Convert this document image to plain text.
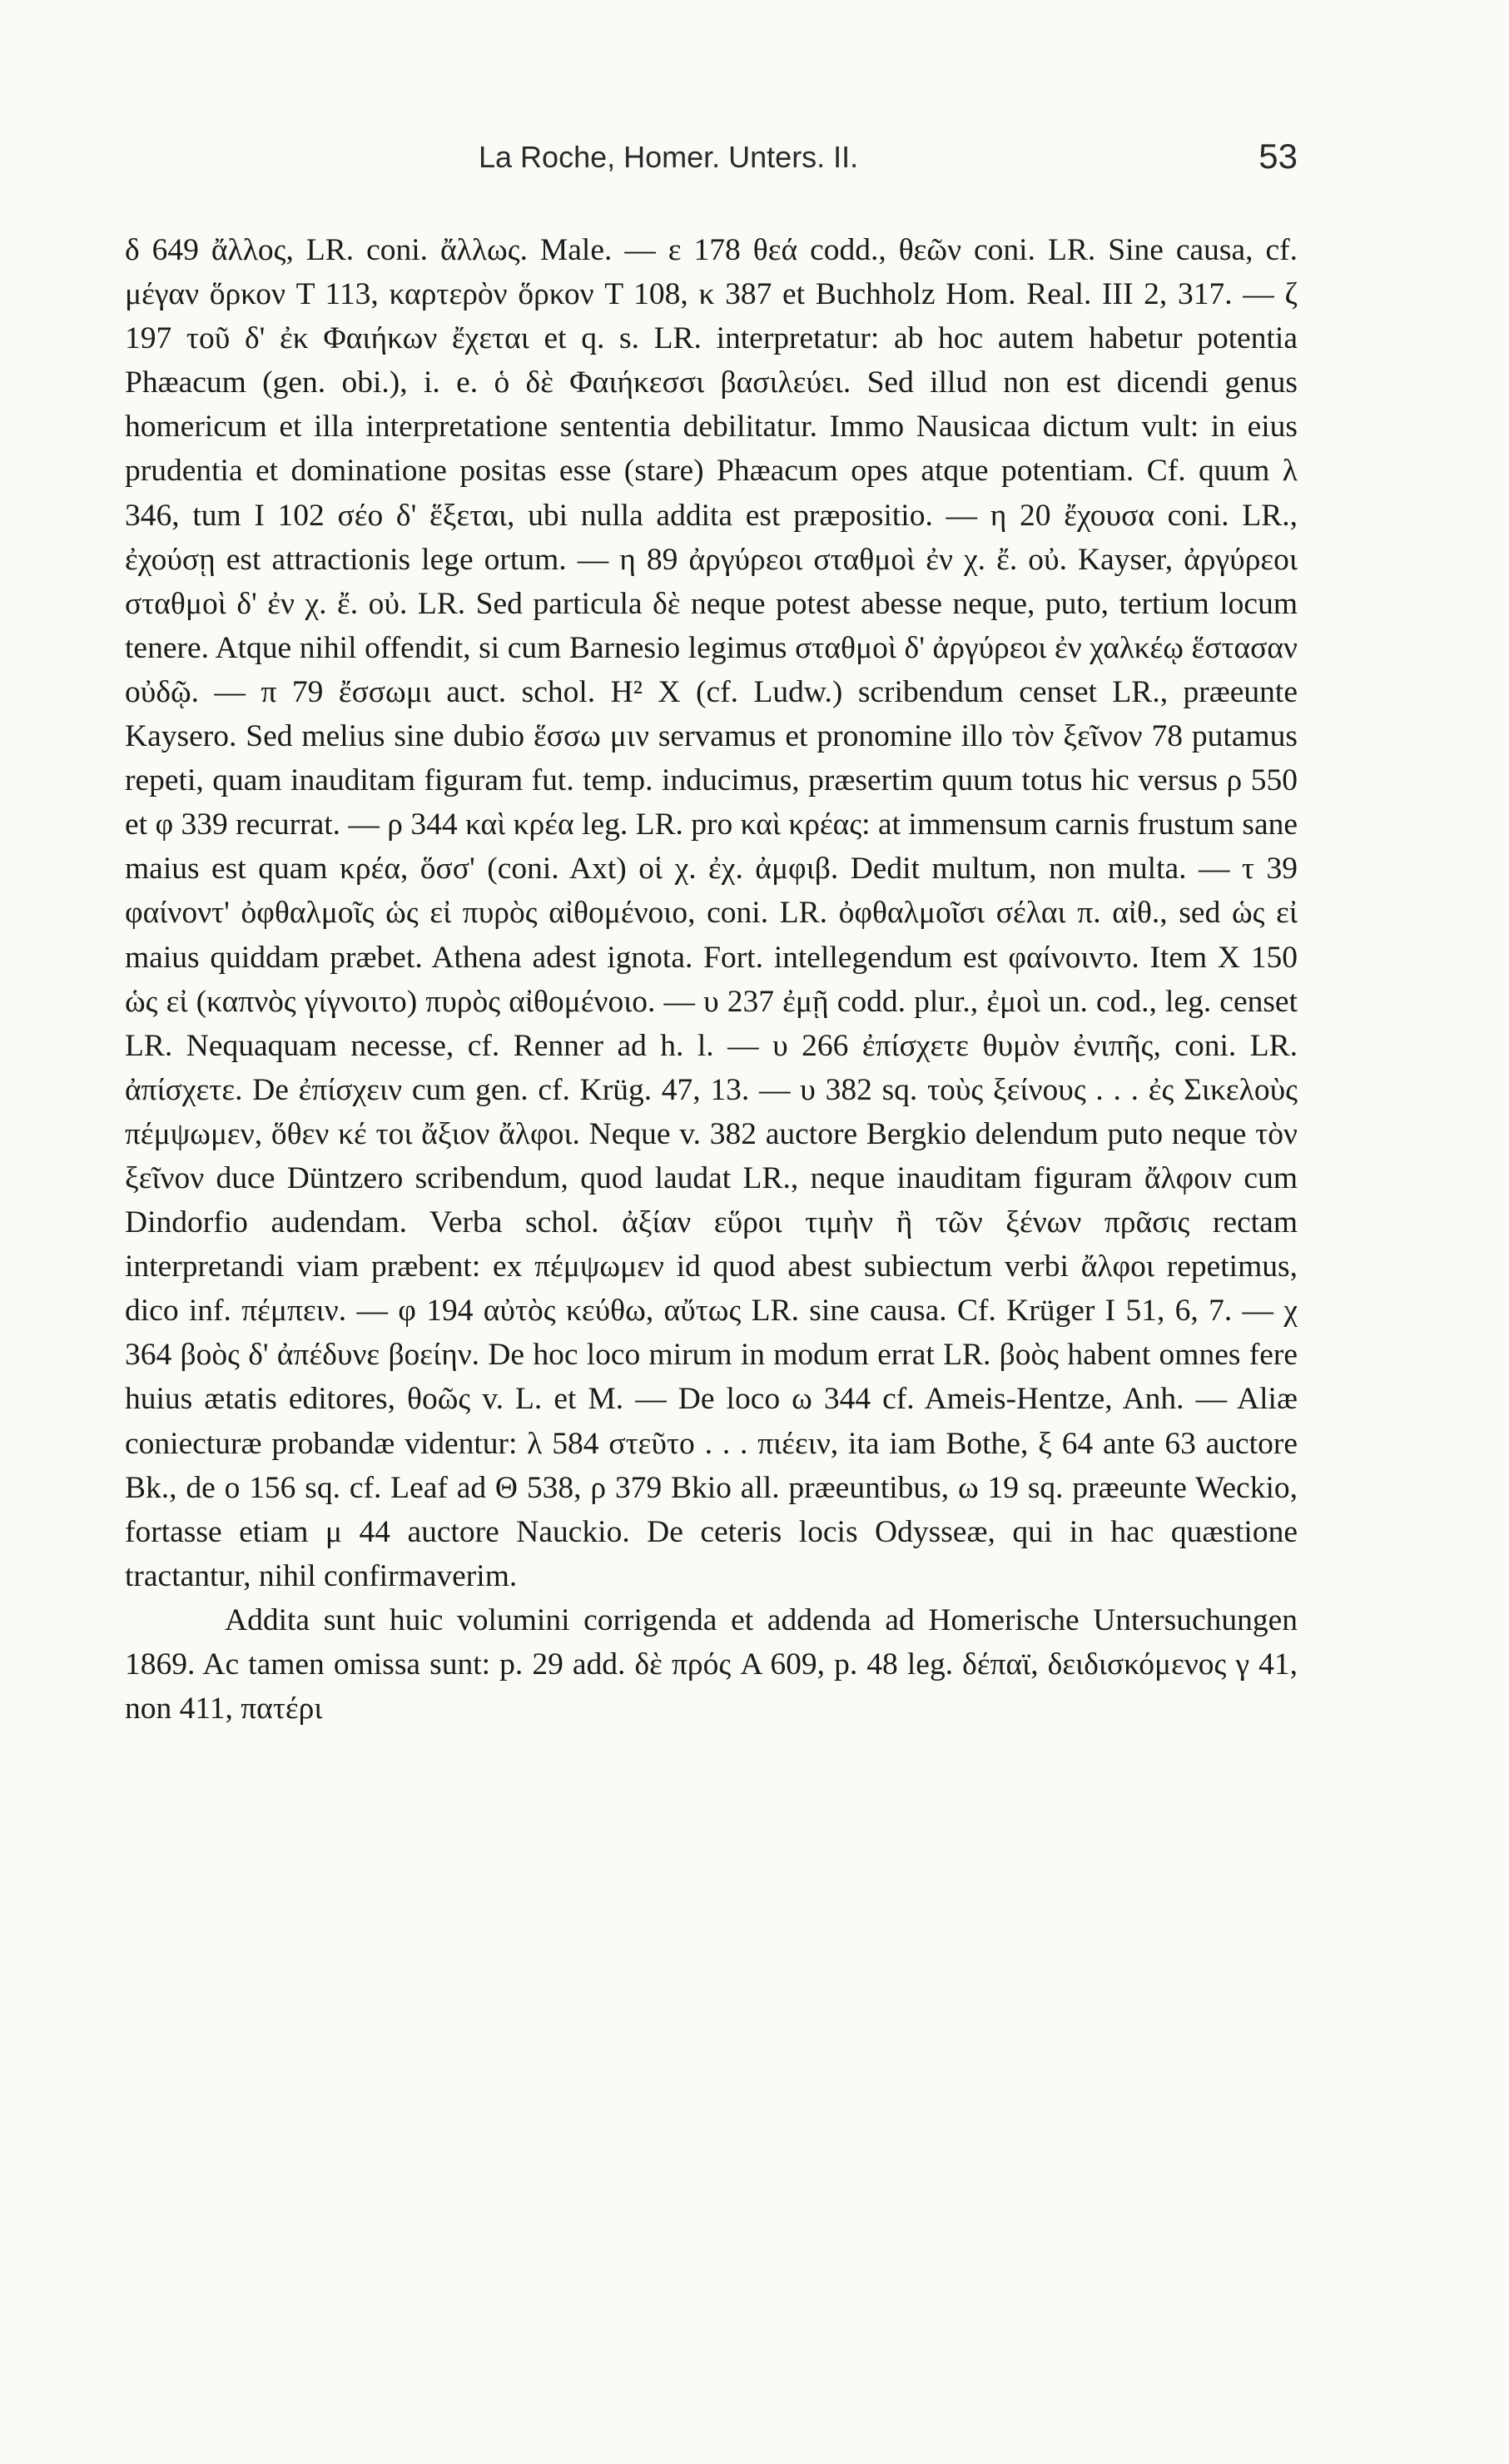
La Roche, Homer. Unters. II.	53

δ 649 ἄλλος, LR. coni. ἄλλως. Male. — ε 178 θεά codd., θεῶν coni. LR. Sine causa, cf. μέγαν ὅρκον T 113, καρτερὸν ὅρκον T 108, κ 387 et Buchholz Hom. Real. III 2, 317. — ζ 197 τοῦ δ' ἐκ Φαιήκων ἔχεται et q. s. LR. interpretatur: ab hoc autem habetur potentia Phæacum (gen. obi.), i. e. ὁ δὲ Φαιήκεσσι βασιλεύει. Sed illud non est dicendi genus homericum et illa interpretatione sententia debilitatur. Immo Nausicaa dictum vult: in eius prudentia et dominatione positas esse (stare) Phæacum opes atque potentiam. Cf. quum λ 346, tum I 102 σέο δ' ἕξεται, ubi nulla addita est præpositio. — η 20 ἔχουσα coni. LR., ἐχούσῃ est attractionis lege ortum. — η 89 ἀργύρεοι σταθμοὶ ἐν χ. ἔ. οὐ. Kayser, ἀργύρεοι σταθμοὶ δ' ἐν χ. ἔ. οὐ. LR. Sed particula δὲ neque potest abesse neque, puto, tertium locum tenere. Atque nihil offendit, si cum Barnesio legimus σταθμοὶ δ' ἀργύρεοι ἐν χαλκέῳ ἕστασαν οὐδῷ. — π 79 ἔσσωμι auct. schol. H² X (cf. Ludw.) scribendum censet LR., præeunte Kaysero. Sed melius sine dubio ἕσσω μιν servamus et pronomine illo τὸν ξεῖνον 78 putamus repeti, quam inauditam figuram fut. temp. inducimus, præsertim quum totus hic versus ρ 550 et φ 339 recurrat. — ρ 344 καὶ κρέα leg. LR. pro καὶ κρέας: at immensum carnis frustum sane maius est quam κρέα, ὅσσ' (coni. Axt) οἱ χ. ἐχ. ἀμφιβ. Dedit multum, non multa. — τ 39 φαίνοντ' ὀφθαλμοῖς ὡς εἰ πυρὸς αἰθομένοιο, coni. LR. ὀφθαλμοῖσι σέλαι π. αἰθ., sed ὡς εἰ maius quiddam præbet. Athena adest ignota. Fort. intellegendum est φαίνοιντο. Item X 150 ὡς εἰ (καπνὸς γίγνοιτο) πυρὸς αἰθομένοιο. — υ 237 ἐμῇ codd. plur., ἐμοὶ un. cod., leg. censet LR. Nequaquam necesse, cf. Renner ad h. l. — υ 266 ἐπίσχετε θυμὸν ἐνιπῆς, coni. LR. ἀπίσχετε. De ἐπίσχειν cum gen. cf. Krüg. 47, 13. — υ 382 sq. τοὺς ξείνους . . . ἐς Σικελοὺς πέμψωμεν, ὅθεν κέ τοι ἄξιον ἄλφοι. Neque v. 382 auctore Bergkio delendum puto neque τὸν ξεῖνον duce Düntzero scribendum, quod laudat LR., neque inauditam figuram ἄλφοιν cum Dindorfio audendam. Verba schol. ἀξίαν εὕροι τιμὴν ἢ τῶν ξένων πρᾶσις rectam interpretandi viam præbent: ex πέμψωμεν id quod abest subiectum verbi ἄλφοι repetimus, dico inf. πέμπειν. — φ 194 αὐτὸς κεύθω, αὔτως LR. sine causa. Cf. Krüger I 51, 6, 7. — χ 364 βοὸς δ' ἀπέδυνε βοείην. De hoc loco mirum in modum errat LR. βοὸς habent omnes fere huius ætatis editores, θοῶς v. L. et M. — De loco ω 344 cf. Ameis-Hentze, Anh. — Aliæ coniecturæ probandæ videntur: λ 584 στεῦτο . . . πιέειν, ita iam Bothe, ξ 64 ante 63 auctore Bk., de ο 156 sq. cf. Leaf ad Θ 538, ρ 379 Bkio all. præeuntibus, ω 19 sq. præeunte Weckio, fortasse etiam μ 44 auctore Nauckio. De ceteris locis Odysseæ, qui in hac quæstione tractantur, nihil confirmaverim.

Addita sunt huic volumini corrigenda et addenda ad Homerische Untersuchungen 1869. Ac tamen omissa sunt: p. 29 add. δὲ πρός A 609, p. 48 leg. δέπαϊ, δειδισκόμενος γ 41, non 411, πατέρι
